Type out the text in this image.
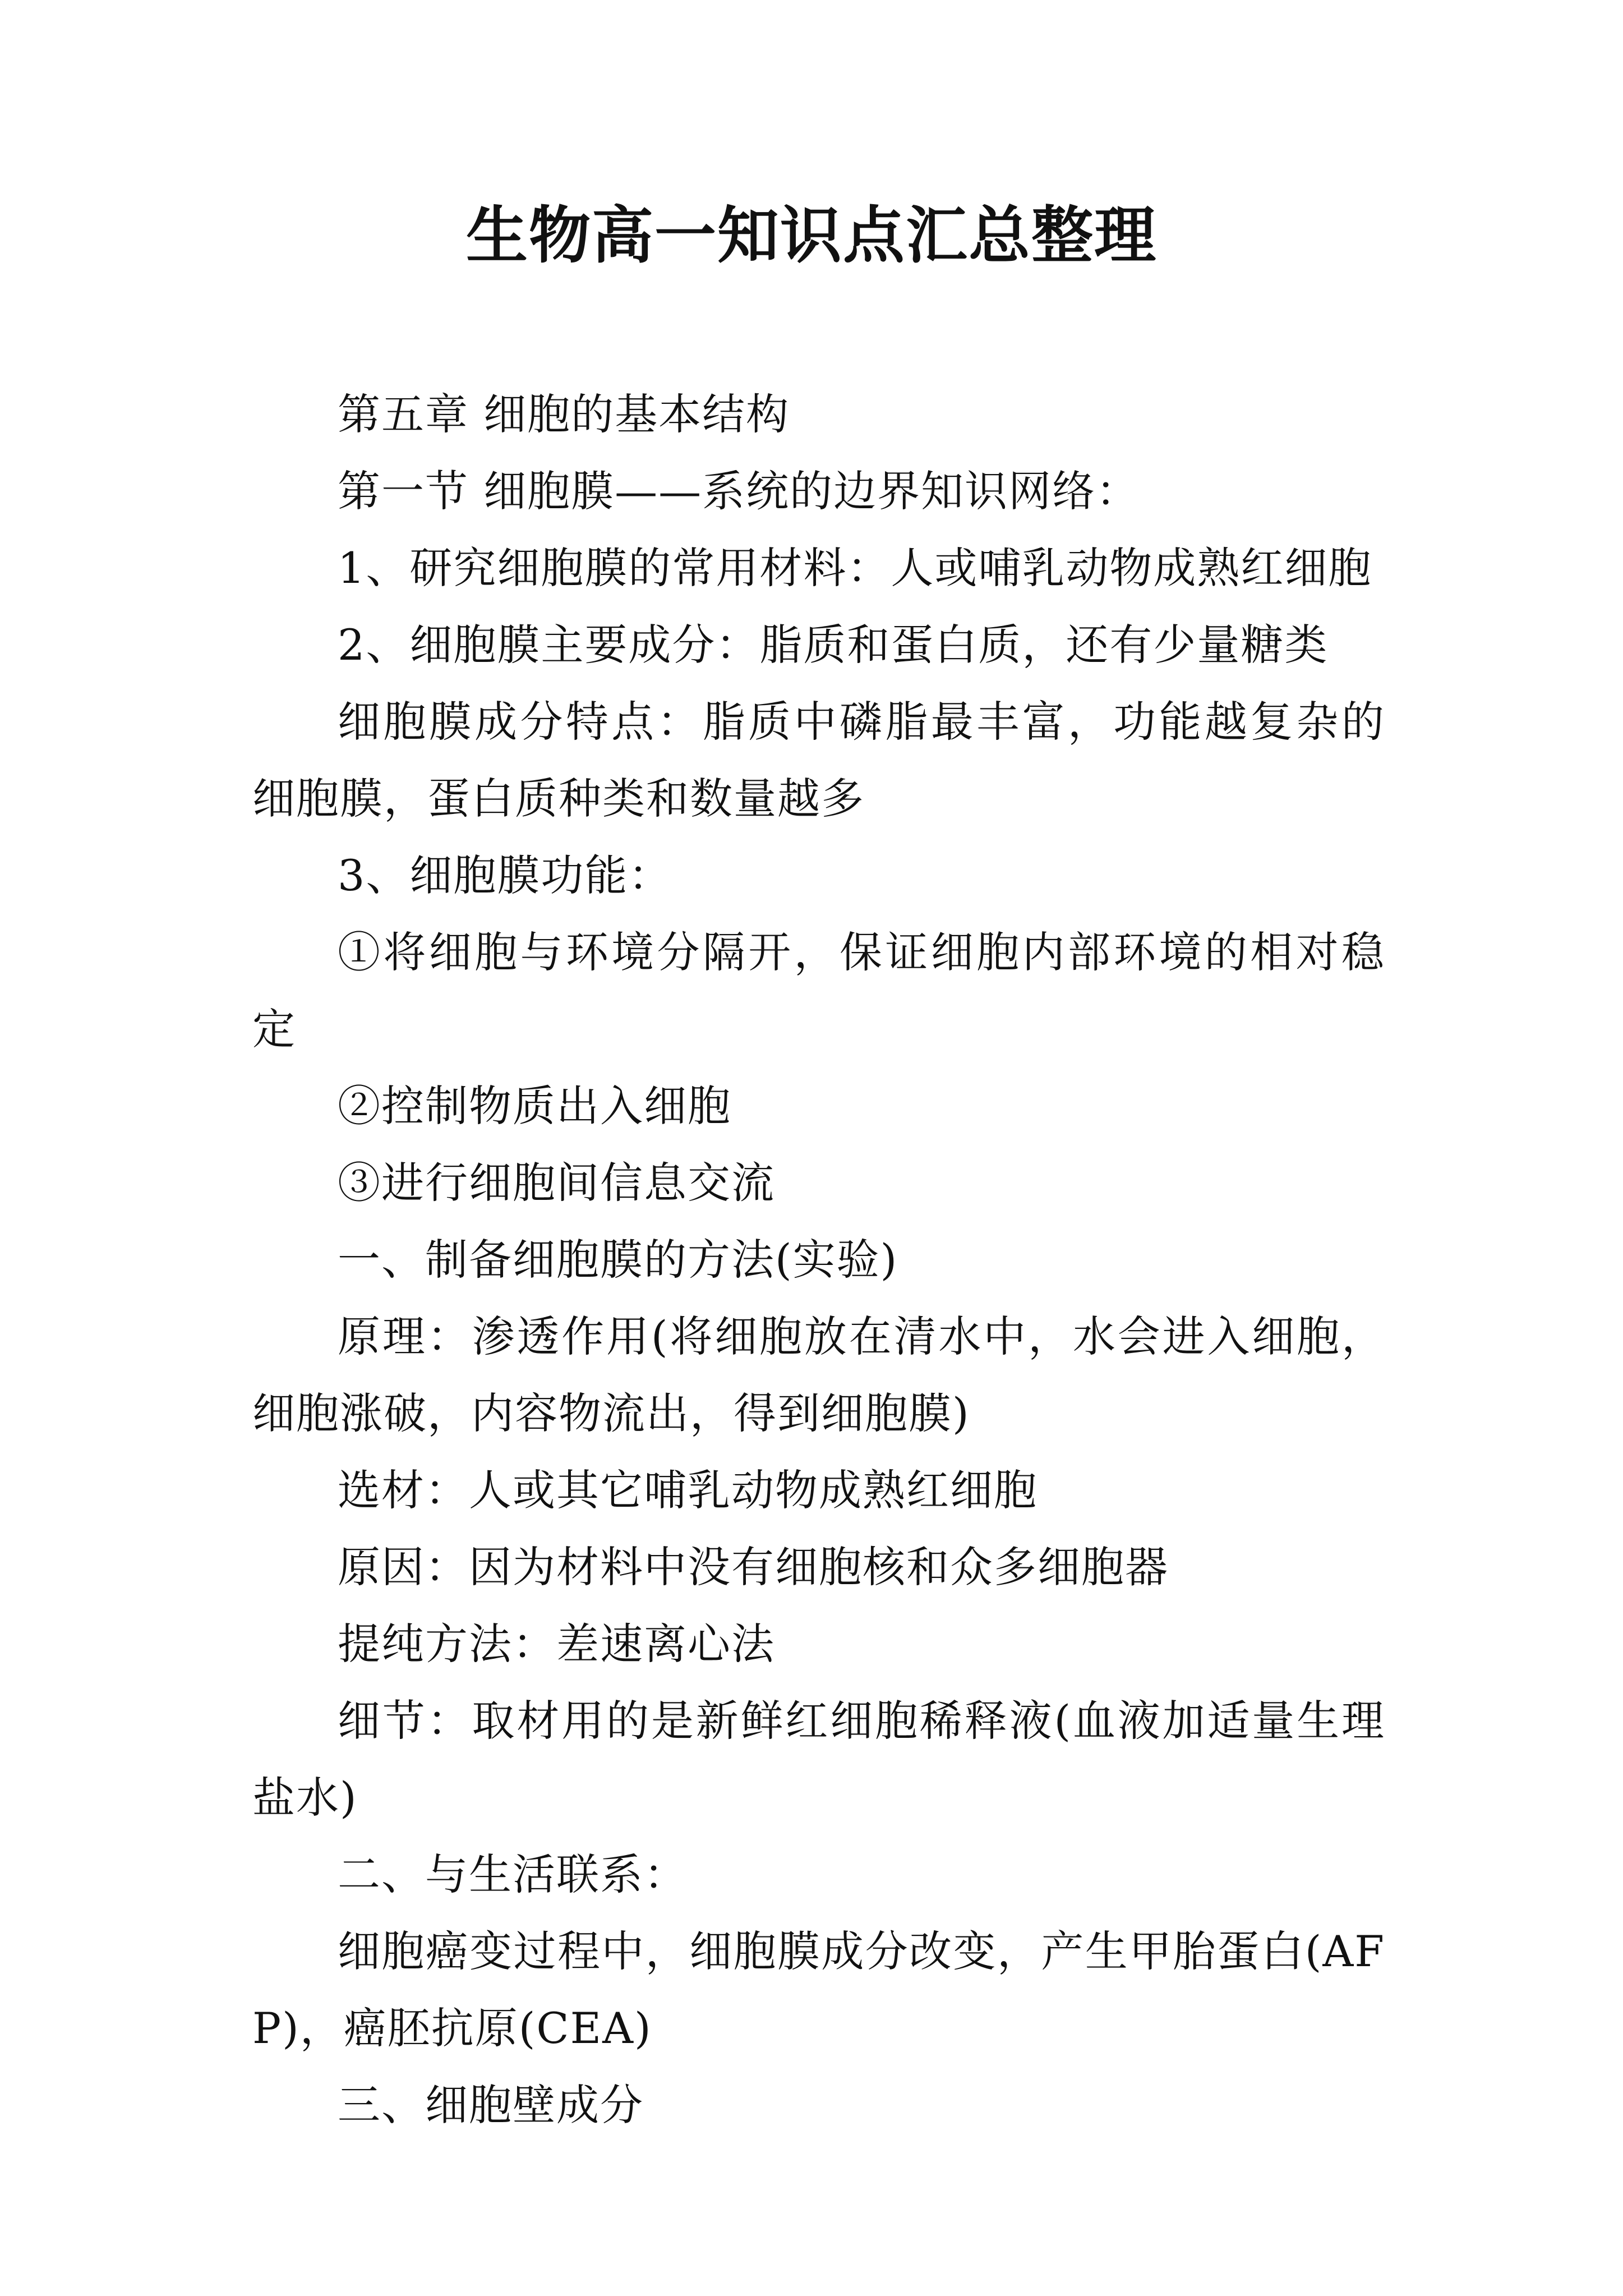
生物高一知识点汇总整理

第五章 细胞的基本结构

第一节 细胞膜——系统的边界知识网络：

1、研究细胞膜的常用材料：人或哺乳动物成熟红细胞

2、细胞膜主要成分：脂质和蛋白质，还有少量糖类

细胞膜成分特点：脂质中磷脂最丰富，功能越复杂的细胞膜，蛋白质种类和数量越多

3、细胞膜功能：

①将细胞与环境分隔开，保证细胞内部环境的相对稳定

②控制物质出入细胞

③进行细胞间信息交流

一、制备细胞膜的方法(实验)

原理：渗透作用(将细胞放在清水中，水会进入细胞，细胞涨破，内容物流出，得到细胞膜)

选材：人或其它哺乳动物成熟红细胞

原因：因为材料中没有细胞核和众多细胞器

提纯方法：差速离心法

细节：取材用的是新鲜红细胞稀释液(血液加适量生理盐水)

二、与生活联系：

细胞癌变过程中，细胞膜成分改变，产生甲胎蛋白(AFP)，癌胚抗原(CEA)

三、细胞壁成分
